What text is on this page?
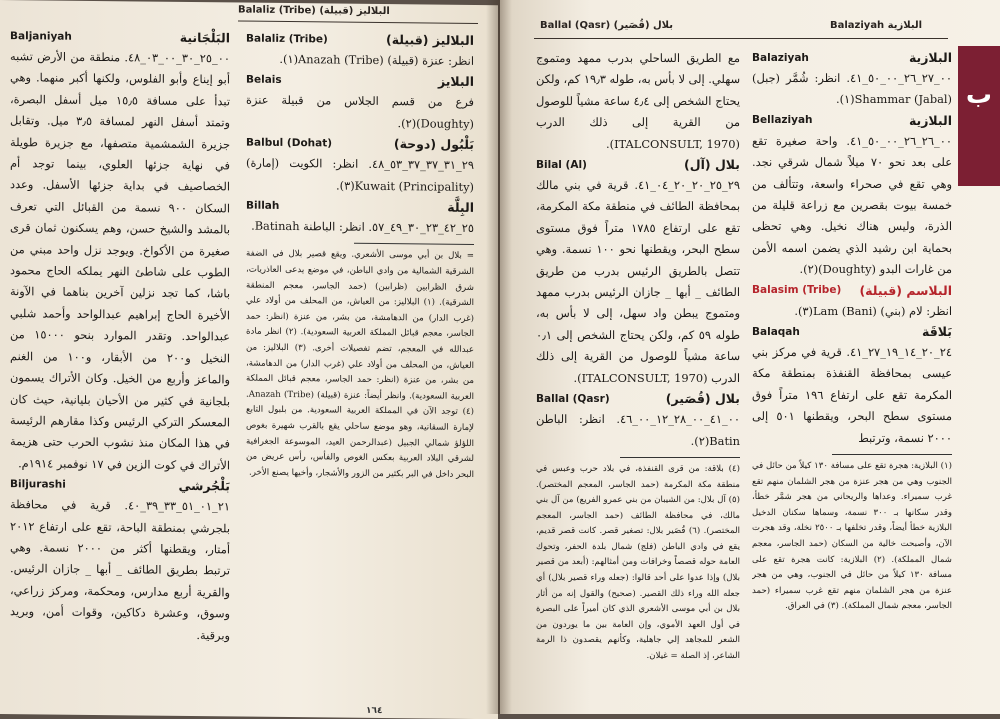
Balaliz (Tribe) (قبيلة) البلاليز
Balaliz (Tribe)	البلاليز (قبيلة)

انظر: عنزة (قبيلة) Anazah (Tribe)(١).

Belais	البلايز

فرع من قسم الجلاس من قبيلة عنزة (Doughty)(٢).

Balbul (Dohat)	بَلْبُول (دوحة)

٢٩_٣١_٣٧_٣٧_٥٣_٤٨. انظر: الكويت (إمارة) Kuwait (Principality)(٣).

Billah	البِلَّة

٢٥_٤٢_٢٣_٣٠_٤٩_٥٧. انظر: الباطنة Batinah.

= بلال بن أبي موسى الأشعري. ويقع قصير بلال في الضفة الشرقية الشمالية من وادي الباطن، في موضع يدعى العاذريات، شرق الظرابين (ظرابين) (حمد الجاسر، معجم المنطقة الشرقية). (١) البلاليز: من العياش، من المحلف من أولاد علي (غرب الدار) من الدهامشة، من بشر، من عنزة (انظر: حمد الجاسر، معجم قبائل المملكة العربية السعودية). (٢) انظر مادة عبدالله في المعجم، تضم تفصيلات أخرى. (٣) البلاليز: من العياش، من المحلف من أولاد علي (غرب الدار) من الدهامشة، من بشر، من عنزة (انظر: حمد الجاسر، معجم قبائل المملكة العربية السعودية). وانظر أيضاً: عنزة (قبيلة) Anazah (Tribe). (٤) توجد الآن في المملكة العربية السعودية. من بلبول التابع لإمارة السقانية، وهو موضع ساحلي يقع بالقرب شهيرة بغوص اللؤلؤ شمالي الجبيل (عبدالرحمن العيد، الموسوعة الجغرافية لشرقي البلاد العربية بعكس الغوص والفأس، رأس عريض من البحر داخل في البر بكثير من الزور والأشجار، وأخيها يصنع الأخر.

Baljaniyah	البَلْجَانية

٠٠_٢٥_٣٠_٠٠_٠٣_٤٨. منطقة من الأرض تشبه أبو إيناع وأبو الفلوس، ولكنها أكبر منهما. وهي تبدأ على مسافة ١٥٫٥ ميل أسفل البصرة، وتمتد أسفل النهر لمسافة ٣٫٥ ميل. وتقابل جزيرة الشمشمية متصفها، مع جزيرة طويلة في نهاية جزئها العلوي، بينما توجد أم الخصاصيف في بداية جزئها الأسفل. وعدد السكان ٩٠٠ نسمة من القبائل التي تعرف بالمشد والشيخ حسن، وهم يسكنون ثمان قرى صغيرة من الأكواخ. ويوجد نزل واحد مبني من الطوب على شاطئ النهر يملكه الحاج محمود باشا، كما تجد نزلين آخرين بناهما في الآونة الأخيرة الحاج إبراهيم عبدالواحد وأحمد شلبي عبدالواحد. وتقدر الموارد بنحو ١٥٠٠٠ من النخيل و٢٠٠ من الأبقار، و١٠٠ من الغنم والماعز وأربع من الخيل. وكان الأتراك يسمون بلجانية في كثير من الأحيان بليانية، حيث كان المعسكر التركي الرئيس وكذا مقارهم الرئيسة في هذا المكان منذ نشوب الحرب حتى هزيمة الأتراك في كوت الزين في ١٧ نوفمبر ١٩١٤م.

Biljurashi	بَلْجُرشي

٢١_٠١_٥١_٣٣_٣٩_٤٠. قرية في محافظة بلجرشي بمنطقة الباحة، تقع على ارتفاع ٢٠١٢ أمتار، ويقطنها أكثر من ٢٠٠٠ نسمة. وهي ترتبط بطريق الطائف _ أبها _ جازان الرئيس. والقرية أربع مدارس، ومحكمة، ومركز زراعي، وسوق، وعشرة دكاكين، وقوات أمن، وبريد وبرقية.

١٦٤
Ballal (Qasr) (قُصَير) بلال	Balaziyah البلازية

مع الطريق الساحلي بدرب ممهد ومتموج سهلي. إلى لا بأس به، طوله ١٩٫٣ كم، ولكن يحتاج الشخص إلى ٤٫٤ ساعة مشياً للوصول من القرية إلى ذلك الدرب (ITALCONSULT, 1970).

Bilal (Al)	بلال (آل)

٢٩_٢٥_٢٠_٢٠_٠٤_٤١. قرية في بني مالك بمحافظة الطائف في منطقة مكة المكرمة، تقع على ارتفاع ١٧٨٥ متراً فوق مستوى سطح البحر، ويقطنها نحو ١٠٠ نسمة. وهي تتصل بالطريق الرئيس بدرب من طريق الطائف _ أبها _ جازان الرئيس بدرب ممهد ومتموج يبطن واد سهل، إلى لا بأس به، طوله ٥٩ كم، ولكن يحتاج الشخص إلى ٠٫١ ساعة مشياً للوصول من القرية إلى ذلك الدرب (ITALCONSULT, 1970).

Ballal (Qasr)	بلال (قُصَير)

٠٠_٤١_٠٠_٢٨_١٢_٠٠_٤٦. انظر: الباطن Batin(٢).

(٤) بلاقة: من قرى القنفذة، في بلاد حرب وعبس في منطقة مكة المكرمة (حمد الجاسر، المعجم المختصر). (٥) آل بلال: من الشيبان من بني عمرو الفريع) من آل بني مالك، في محافظة الطائف (حمد الجاسر، المعجم المختصر). (٦) قُصَير بلال: تصغير قصر. كانت قصر قديم، يقع في وادي الباطن (فلج) شمال بلدة الحفر، وتحوك العامة حوله قصصاً وخرافات ومن أمثالهم: (أبعد من قصير بلال) وإذا عدوا على أحد قالوا: (جعله وراء قصير بلال) أي جعله الله وراء ذلك القصير. (صحيح) والقول إنه من أثار بلال بن أبي موسى الأشعري الذي كان أميراً على البصرة في أول العهد الأموي، وإن العامة بين ما يوردون من الشعر للمجاهد إلي جاهلية، وكأنهم يقصدون ذا الرمة الشاعر، إذ الصلة = غيلان.

Balaziyah	البلازية

٠٠_٢٧_٢٦_٠٠_٥٠_٤١. انظر: شُمَّر (جبل) Shammar (Jabal)(١).

Bellaziyah	البلازية

٠٠_٢٦_٢٦_٠٠_٥٠_٤١. واحة صغيرة تقع على بعد نحو ٧٠ ميلاً شمال شرقي نجد. وهي تقع في صحراء واسعة، وتتألف من خمسة بيوت بقصرين مع زراعة قليلة من الذرة، وليس هناك نخيل. وهي تحظى بحماية ابن رشيد الذي يضمن اسمه الأمن من غارات البدو (Doughty)(٢).

Balasim (Tribe) البلاسم (قبيلة)

انظر: لام (بني) Lam (Bani)(٣).

Balaqah	بَلاقَة

٢٤_٢٠_١٤_١٩_٢٧_٤١. قرية في مركز بني عيسى بمحافظة القنفذة بمنطقة مكة المكرمة تقع على ارتفاع ١٩٦ متراً فوق مستوى سطح البحر، ويقطنها ٥٠١ إلى ٢٠٠٠ نسمة، وترتبط

(١) البلازية: هجرة تقع على مسافة ١٣٠ كيلاً من حائل في الجنوب وهي من هجر عنزة من هجر الشلمان منهم تقع غرب سميراء. وعداها والريحاني من هجر شمَّر خطأ، وقدر سكانها بـ ٣٠٠ نسمة، وسماها سكنان الدخيل البلازية خطأ أيضاً، وقدر تخلفها بـ ٢٥٠٠ نخلة، وقد هجرت الآن، وأصبحت خالية من السكان (حمد الجاسر، معجم شمال المملكة). (٢) البلازية: كانت هجرة تقع على مسافة ١٣٠ كيلاً من حائل في الجنوب، وهي من هجر عنزة من هجر الشلمان منهم تقع غرب سميراء (حمد الجاسر، معجم شمال المملكة). (٣) في العراق.

ب
